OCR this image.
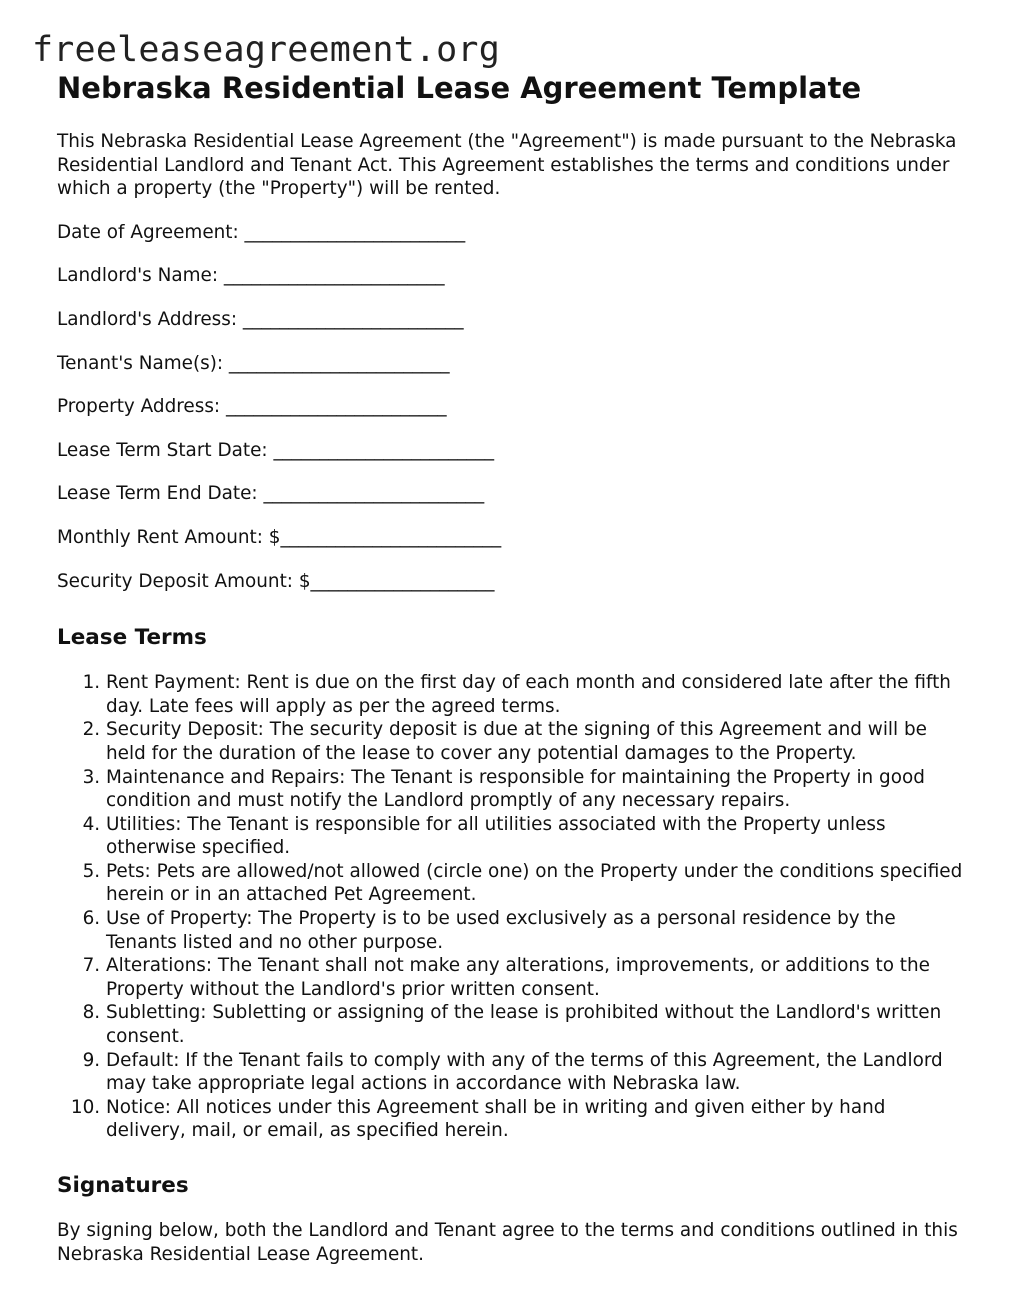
freeleaseagreement.org
Nebraska Residential Lease Agreement Template

This Nebraska Residential Lease Agreement (the "Agreement") is made pursuant to the Nebraska Residential Landlord and Tenant Act. This Agreement establishes the terms and conditions under which a property (the "Property") will be rented.

Date of Agreement: ________________________

Landlord's Name: ________________________

Landlord's Address: ________________________

Tenant's Name(s): ________________________

Property Address: ________________________

Lease Term Start Date: ________________________

Lease Term End Date: ________________________

Monthly Rent Amount: $________________________

Security Deposit Amount: $____________________

Lease Terms
1. Rent Payment: Rent is due on the first day of each month and considered late after the fifth day. Late fees will apply as per the agreed terms.
2. Security Deposit: The security deposit is due at the signing of this Agreement and will be held for the duration of the lease to cover any potential damages to the Property.
3. Maintenance and Repairs: The Tenant is responsible for maintaining the Property in good condition and must notify the Landlord promptly of any necessary repairs.
4. Utilities: The Tenant is responsible for all utilities associated with the Property unless otherwise specified.
5. Pets: Pets are allowed/not allowed (circle one) on the Property under the conditions specified herein or in an attached Pet Agreement.
6. Use of Property: The Property is to be used exclusively as a personal residence by the Tenants listed and no other purpose.
7. Alterations: The Tenant shall not make any alterations, improvements, or additions to the Property without the Landlord's prior written consent.
8. Subletting: Subletting or assigning of the lease is prohibited without the Landlord's written consent.
9. Default: If the Tenant fails to comply with any of the terms of this Agreement, the Landlord may take appropriate legal actions in accordance with Nebraska law.
10. Notice: All notices under this Agreement shall be in writing and given either by hand delivery, mail, or email, as specified herein.
Signatures

By signing below, both the Landlord and Tenant agree to the terms and conditions outlined in this Nebraska Residential Lease Agreement.
